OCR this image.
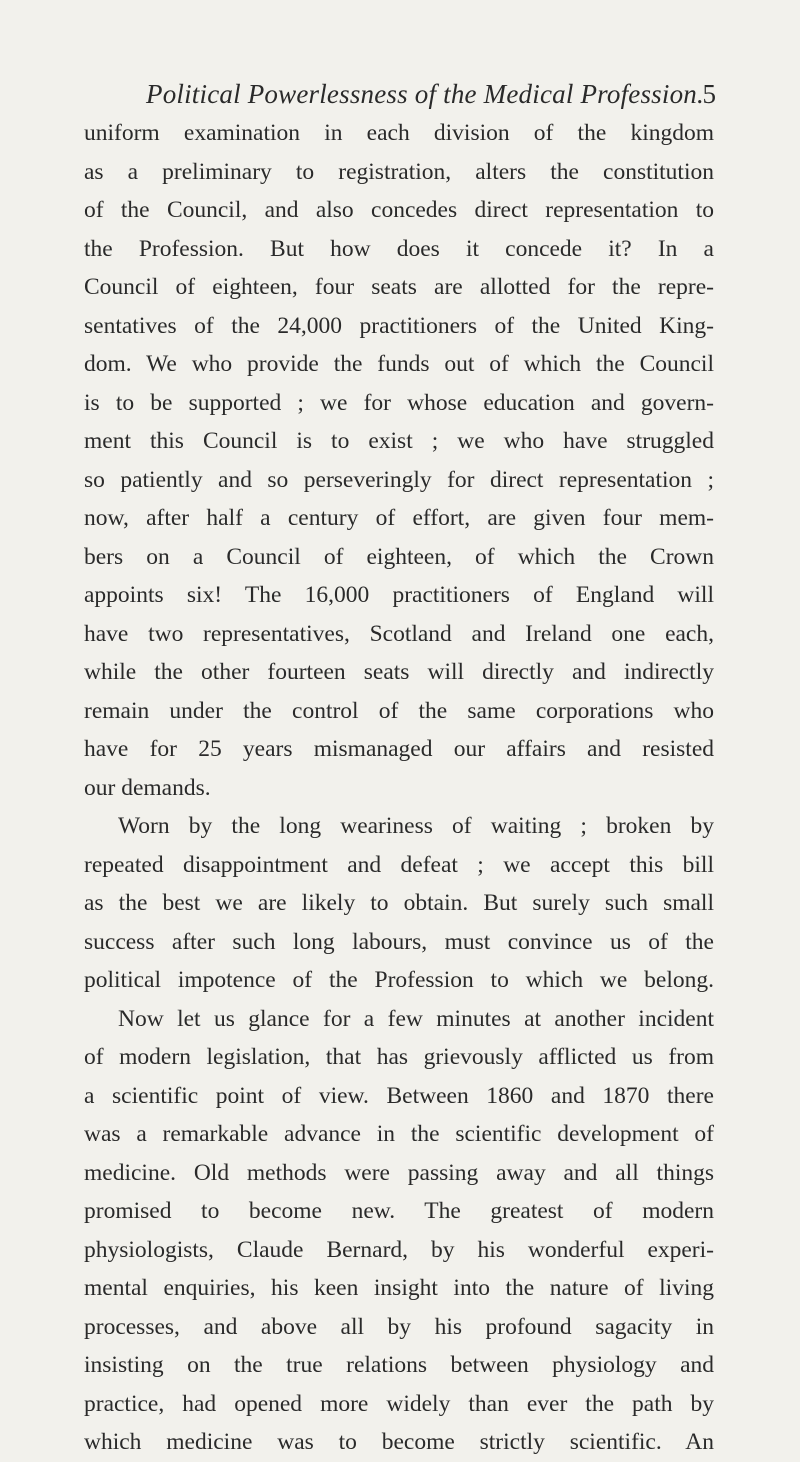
Political Powerlessness of the Medical Profession.
5
uniform examination in each division of the kingdom
as a preliminary to registration, alters the constitution
of the Council, and also concedes direct representation to
the Profession. But how does it concede it? In a
Council of eighteen, four seats are allotted for the repre-
sentatives of the 24,000 practitioners of the United King-
dom. We who provide the funds out of which the Council
is to be supported ; we for whose education and govern-
ment this Council is to exist ; we who have struggled
so patiently and so perseveringly for direct representation ;
now, after half a century of effort, are given four mem-
bers on a Council of eighteen, of which the Crown
appoints six! The 16,000 practitioners of England will
have two representatives, Scotland and Ireland one each,
while the other fourteen seats will directly and indirectly
remain under the control of the same corporations who
have for 25 years mismanaged our affairs and resisted
our demands.
Worn by the long weariness of waiting ; broken by
repeated disappointment and defeat ; we accept this bill
as the best we are likely to obtain. But surely such small
success after such long labours, must convince us of the
political impotence of the Profession to which we belong.
Now let us glance for a few minutes at another incident
of modern legislation, that has grievously afflicted us from
a scientific point of view. Between 1860 and 1870 there
was a remarkable advance in the scientific development of
medicine. Old methods were passing away and all things
promised to become new. The greatest of modern
physiologists, Claude Bernard, by his wonderful experi-
mental enquiries, his keen insight into the nature of living
processes, and above all by his profound sagacity in
insisting on the true relations between physiology and
practice, had opened more widely than ever the path by
which medicine was to become strictly scientific. An
